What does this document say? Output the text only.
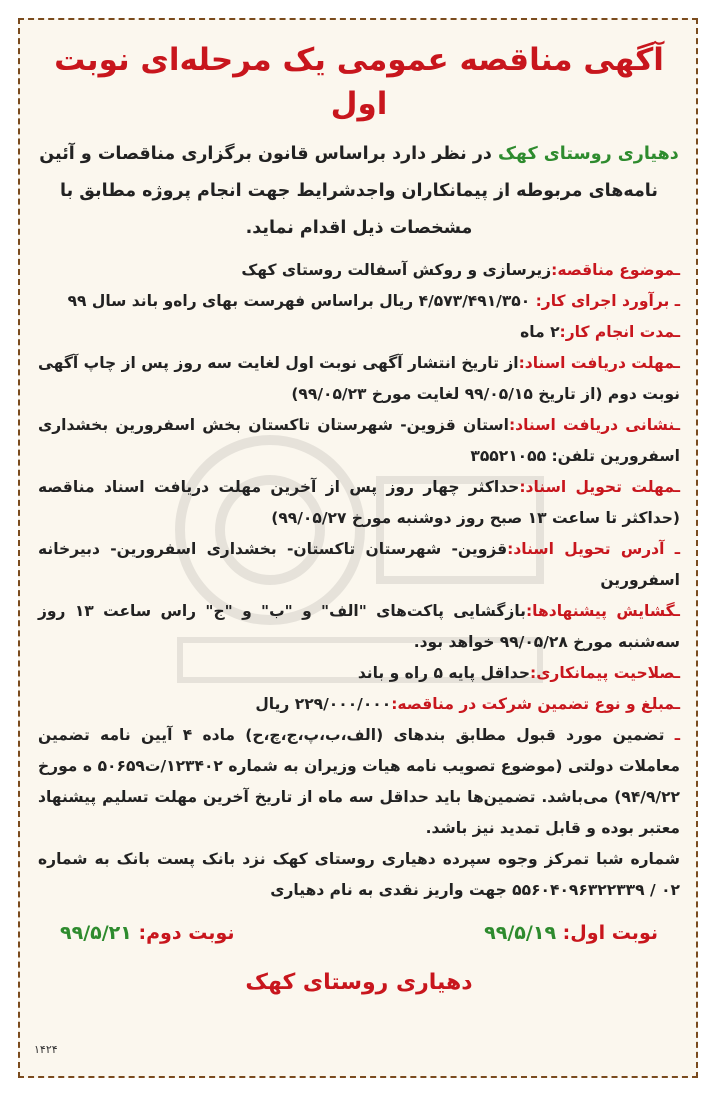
آگهی مناقصه عمومی یک مرحله‌ای نوبت اول
دهیاری روستای کهک در نظر دارد براساس قانون برگزاری مناقصات و آئین نامه‌های مربوطه از پیمانکاران واجدشرایط جهت انجام پروژه مطابق با مشخصات ذیل اقدام نماید.
ـموضوع مناقصه:زیرسازی و روکش آسفالت روستای کهک
ـ برآورد اجرای کار: ۴/۵۷۳/۴۹۱/۳۵۰ ریال براساس فهرست بهای راه‌و باند سال ۹۹
ـمدت انجام کار:۲ ماه
ـمهلت دریافت اسناد:از تاریخ انتشار آگهی نوبت اول لغایت سه روز پس از چاپ آگهی نوبت دوم (از تاریخ ۹۹/۰۵/۱۵ لغایت مورخ ۹۹/۰۵/۲۳)
ـنشانی دریافت اسناد:استان قزوین- شهرستان تاکستان بخش اسفرورین بخشداری اسفرورین تلفن: ۳۵۵۲۱۰۵۵
ـمهلت تحویل اسناد:حداکثر چهار روز پس از آخرین مهلت دریافت اسناد مناقصه (حداکثر تا ساعت ۱۳ صبح روز دوشنبه مورخ ۹۹/۰۵/۲۷)
ـ آدرس تحویل اسناد:قزوین- شهرستان تاکستان- بخشداری اسفرورین- دبیرخانه اسفرورین
ـگشایش پیشنهادها:بازگشایی پاکت‌های "الف" و "ب" و "ج" راس ساعت ۱۳ روز سه‌شنبه مورخ ۹۹/۰۵/۲۸ خواهد بود.
ـصلاحیت پیمانکاری:حداقل پایه ۵ راه و باند
ـمبلغ و نوع تضمین شرکت در مناقصه:۲۲۹/۰۰۰/۰۰۰ ریال
ـ تضمین مورد قبول مطابق بندهای (الف،ب،پ،ج،چ،ح) ماده ۴ آیین نامه تضمین معاملات دولتی (موضوع تصویب نامه هیات وزیران به شماره ۱۲۳۴۰۲/ت۵۰۶۵۹ ه مورخ ۹۴/۹/۲۲) می‌باشد. تضمین‌ها باید حداقل سه ماه از تاریخ آخرین مهلت تسلیم پیشنهاد معتبر بوده و قابل تمدید نیز باشد.
شماره شبا تمرکز وجوه سپرده دهیاری روستای کهک نزد بانک پست بانک به شماره ۰۲ / ۵۵۶۰۴۰۹۶۳۲۲۳۳۹ جهت واریز نقدی به نام دهیاری
نوبت اول: ۹۹/۵/۱۹
نوبت دوم: ۹۹/۵/۲۱
دهیاری روستای کهک
۱۴۲۴
